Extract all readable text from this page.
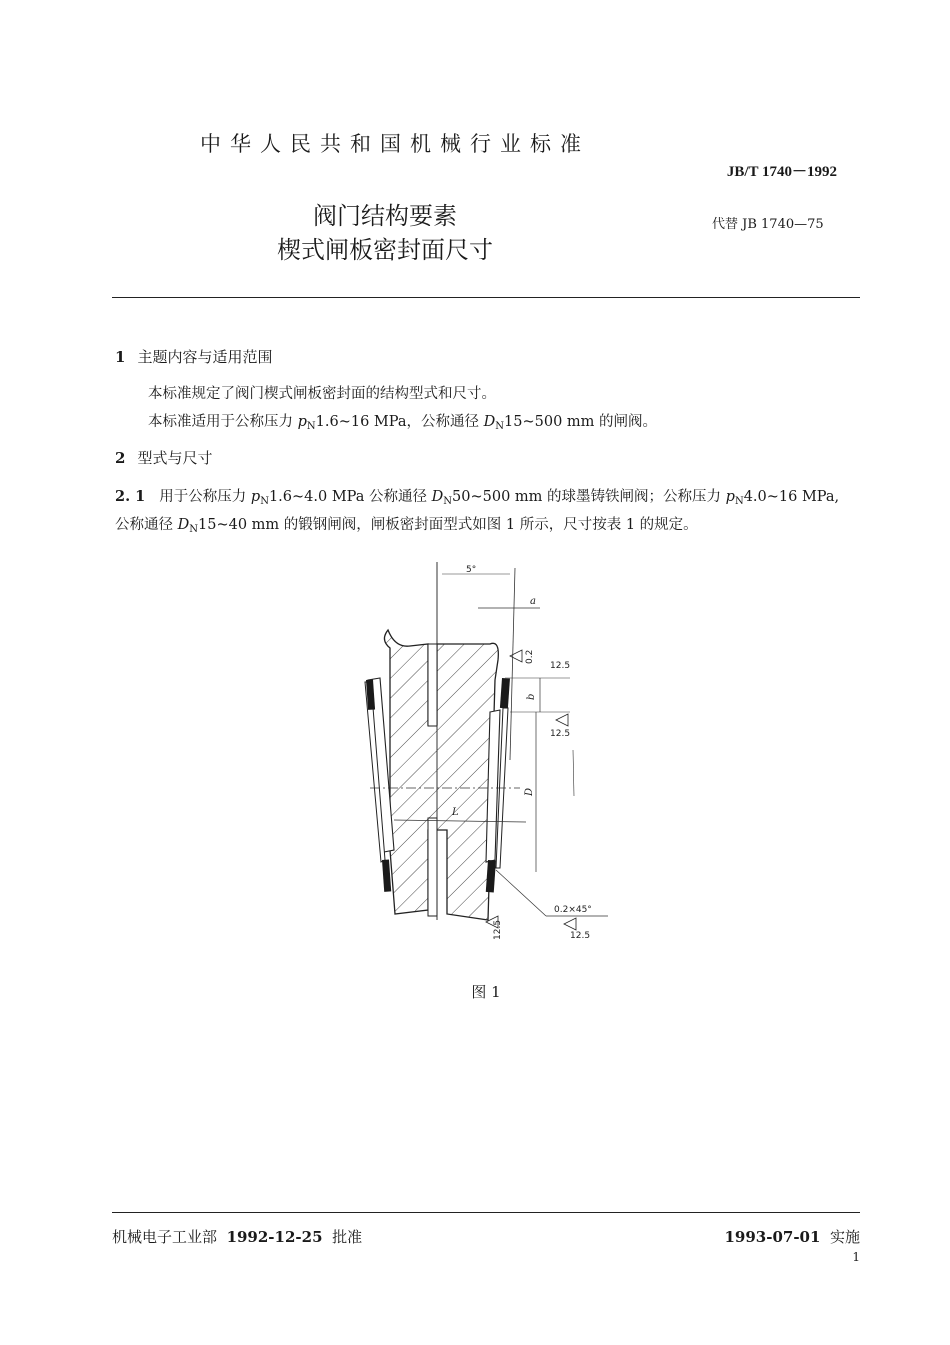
中华人民共和国机械行业标准
JB/T 1740－1992
阀门结构要素
楔式闸板密封面尺寸
代替 JB 1740—75
1 主题内容与适用范围
本标准规定了阀门楔式闸板密封面的结构型式和尺寸。
本标准适用于公称压力 $p_N1.6\sim 16$ MPa，公称通径 $D_N15\sim 500$ mm 的闸阀。
2 型式与尺寸
2. 1 用于公称压力 $p_N1.6\sim 4.0$ MPa 公称通径 $D_N50\sim 500$ mm 的球墨铸铁闸阀；公称压力 $p_N4.0\sim 16$ MPa,
公称通径 $D_N15\sim 40$ mm 的锻钢闸阀，闸板密封面型式如图 1 所示，尺寸按表 1 的规定。
5°
L
a
0.2
12.5
b
12.5
D
0.2×45°
12.5	12.5
图 1
机械电子工业部 1992-12-25 批准	1993-07-01 实施
1
